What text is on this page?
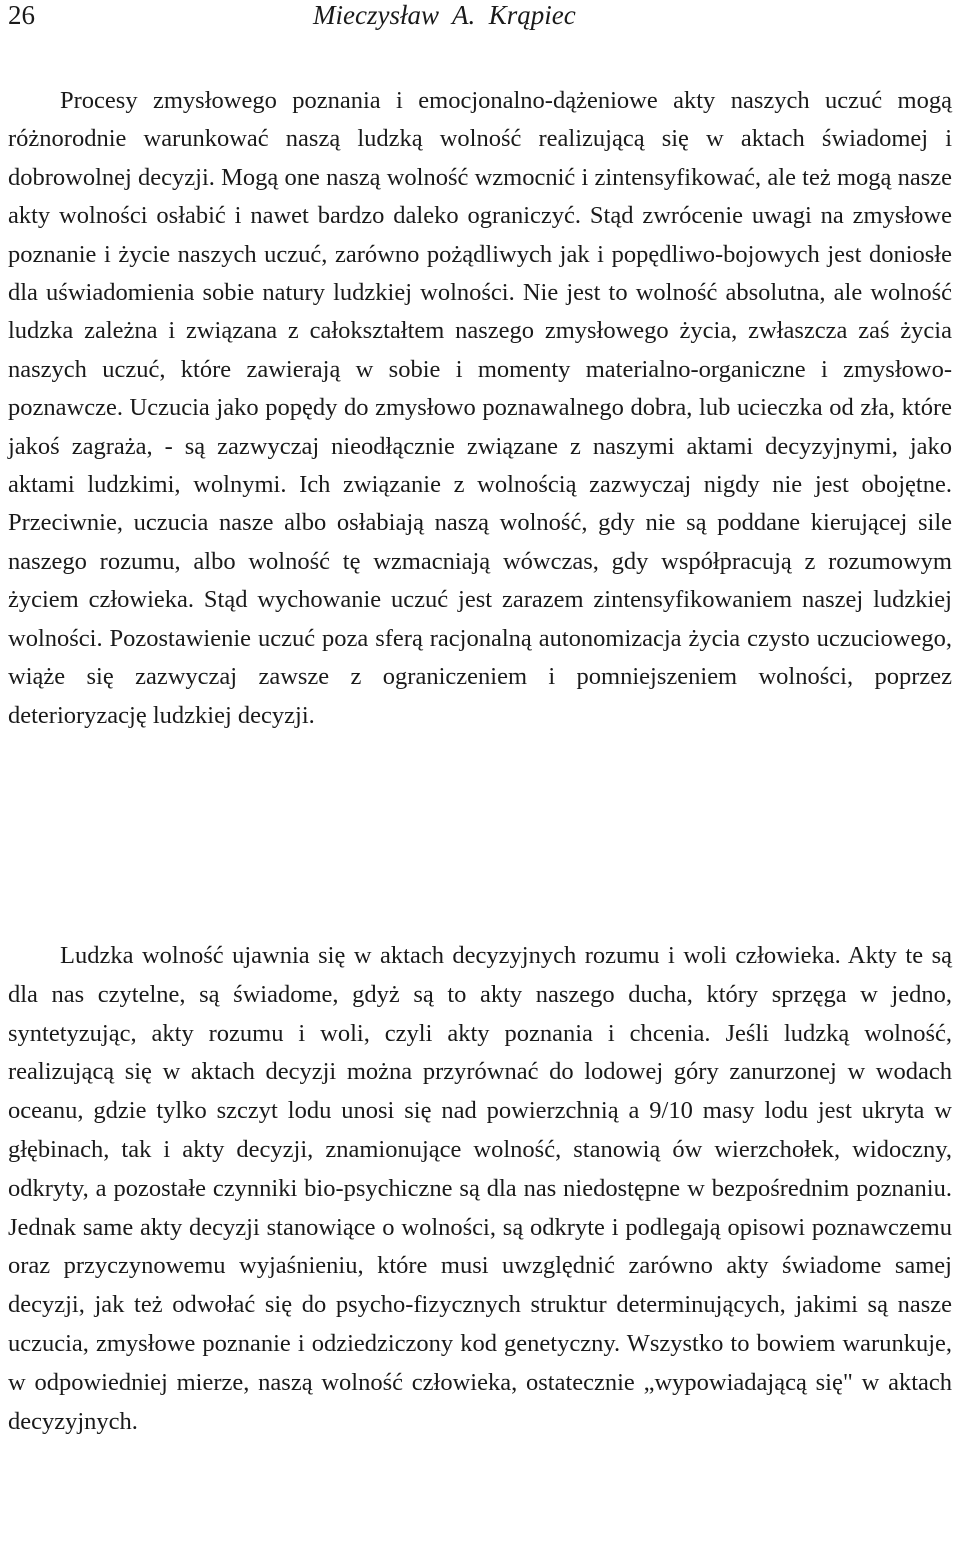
26	Mieczysław  A.  Krąpiec

Procesy zmysłowego poznania i emocjonalno-dążeniowe akty naszych uczuć mogą różnorodnie warunkować naszą ludzką wolność realizującą się w aktach świadomej i dobrowolnej decyzji. Mogą one naszą wolność wzmocnić i zintensyfikować, ale też mogą nasze akty wolności osłabić i nawet bardzo daleko ograniczyć. Stąd zwrócenie uwagi na zmysłowe poznanie i życie naszych uczuć, zarówno pożądliwych jak i popędliwo-bojowych jest doniosłe dla uświadomienia sobie natury ludzkiej wolności. Nie jest to wolność absolutna, ale wolność ludzka zależna i związana z całokształtem naszego zmysłowego życia, zwłaszcza zaś życia naszych uczuć, które zawierają w sobie i momenty materialno-organiczne i zmysłowo-poznawcze. Uczucia jako popędy do zmysłowo poznawalnego dobra, lub ucieczka od zła, które jakoś zagraża, - są zazwyczaj nieodłącznie związane z naszymi aktami decyzyjnymi, jako aktami ludzkimi, wolnymi. Ich związanie z wolnością zazwyczaj nigdy nie jest obojętne. Przeciwnie, uczucia nasze albo osłabiają naszą wolność, gdy nie są poddane kierującej sile naszego rozumu, albo wolność tę wzmacniają wówczas, gdy współpracują z rozumowym życiem człowieka. Stąd wychowanie uczuć jest zarazem zintensyfikowaniem naszej ludzkiej wolności. Pozostawienie uczuć poza sferą racjonalną autonomizacja życia czysto uczuciowego, wiąże się zazwyczaj zawsze z ograniczeniem i pomniejszeniem wolności, poprzez deterioryzację ludzkiej decyzji.

Ludzka wolność ujawnia się w aktach decyzyjnych rozumu i woli człowieka. Akty te są dla nas czytelne, są świadome, gdyż są to akty naszego ducha, który sprzęga w jedno, syntetyzując, akty rozumu i woli, czyli akty poznania i chcenia. Jeśli ludzką wolność, realizującą się w aktach decyzji można przyrównać do lodowej góry zanurzonej w wodach oceanu, gdzie tylko szczyt lodu unosi się nad powierzchnią a 9/10 masy lodu jest ukryta w głębinach, tak i akty decyzji, znamionujące wolność, stanowią ów wierzchołek, widoczny, odkryty, a pozostałe czynniki bio-psychiczne są dla nas niedostępne w bezpośrednim poznaniu. Jednak same akty decyzji stanowiące o wolności, są odkryte i podlegają opisowi poznawczemu oraz przyczynowemu wyjaśnieniu, które musi uwzględnić zarówno akty świadome samej decyzji, jak też odwołać się do psycho-fizycznych struktur determinujących, jakimi są nasze uczucia, zmysłowe poznanie i odziedziczony kod genetyczny. Wszystko to bowiem warunkuje, w odpowiedniej mierze, naszą wolność człowieka, ostatecznie „wypowiadającą się" w aktach decyzyjnych.
